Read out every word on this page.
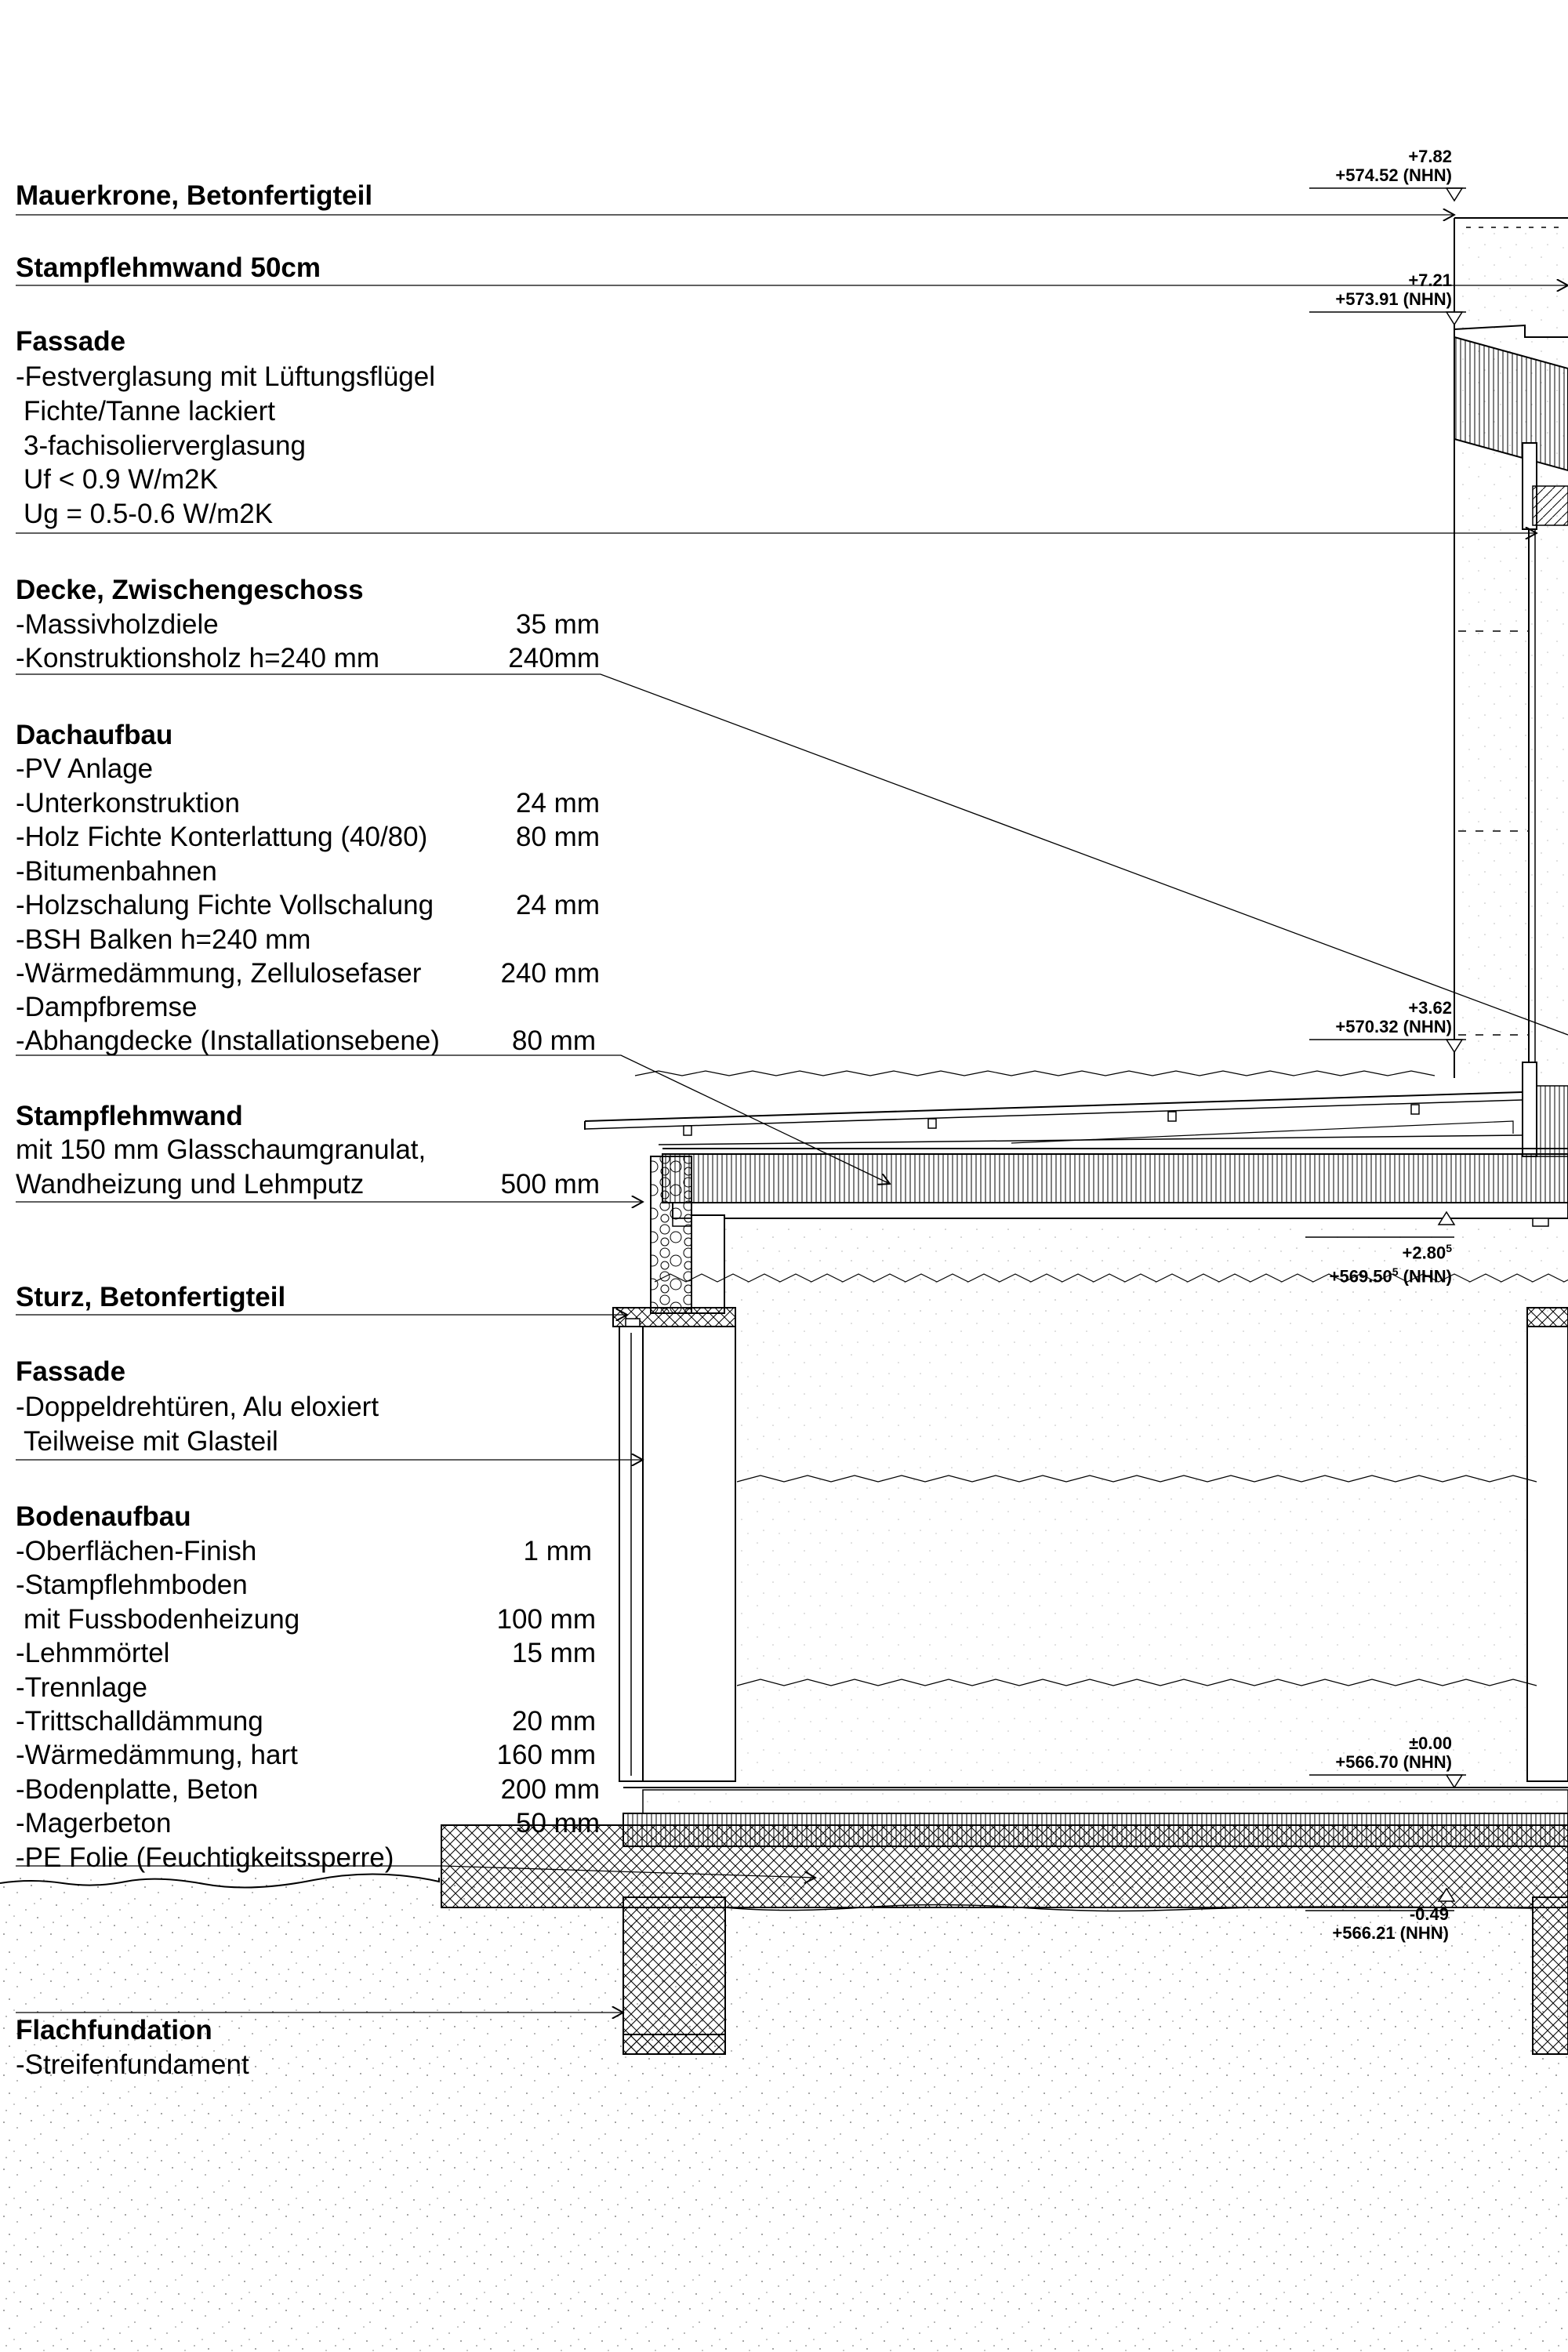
Mauerkrone, Betonfertigteil
Stampflehmwand 50cm
Fassade
-Festverglasung mit Lüftungsflügel
Fichte/Tanne lackiert
3-fachisolierverglasung
Uf < 0.9 W/m2K
Ug = 0.5-0.6 W/m2K
Decke, Zwischengeschoss
-Massivholzdiele	35 mm
-Konstruktionsholz h=240 mm	240mm
Dachaufbau
-PV Anlage
-Unterkonstruktion	24 mm
-Holz Fichte Konterlattung (40/80)	80 mm
-Bitumenbahnen
-Holzschalung Fichte Vollschalung	24 mm
-BSH Balken h=240 mm
-Wärmedämmung, Zellulosefaser	240 mm
-Dampfbremse
-Abhangdecke (Installationsebene)	80 mm
Stampflehmwand
mit 150 mm Glasschaumgranulat,
Wandheizung und Lehmputz	500 mm
Sturz, Betonfertigteil
Fassade
-Doppeldrehtüren, Alu eloxiert
Teilweise mit Glasteil
Bodenaufbau
-Oberflächen-Finish	1 mm
-Stampflehmboden
mit Fussbodenheizung	100 mm
-Lehmmörtel	15 mm
-Trennlage
-Trittschalldämmung	20 mm
-Wärmedämmung, hart	160 mm
-Bodenplatte, Beton	200 mm
-Magerbeton	50 mm
-PE Folie (Feuchtigkeitssperre)
Flachfundation
-Streifenfundament
+7.82
+574.52 (NHN)
+7.21
+573.91 (NHN)
+3.62
+570.32 (NHN)
$+2.80^5$
$+569.50^5$ (NHN)
±0.00
+566.70 (NHN)
-0.49
+566.21 (NHN)
